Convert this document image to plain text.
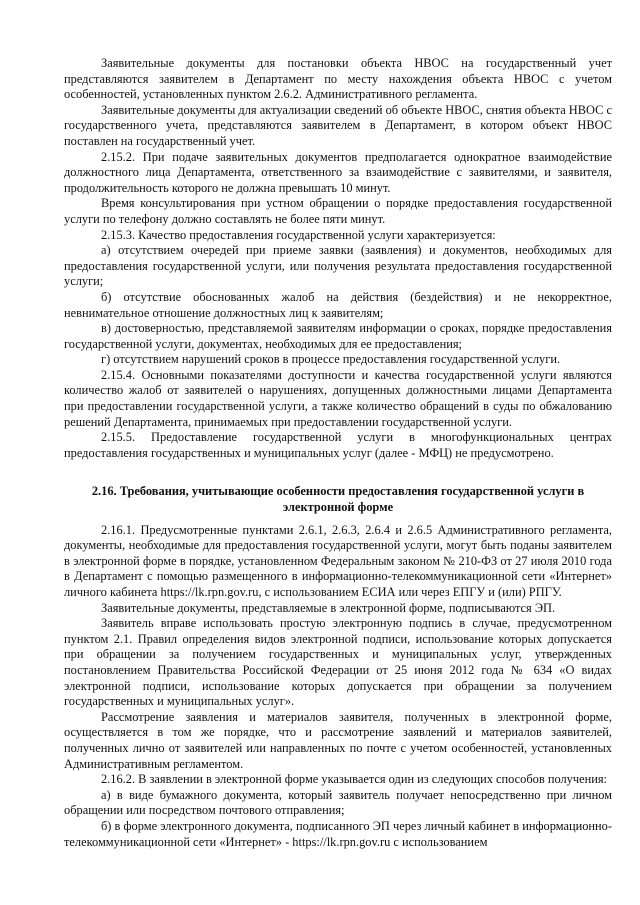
Заявительные документы для постановки объекта НВОС на государственный учет представляются заявителем в Департамент по месту нахождения объекта НВОС с учетом особенностей, установленных пунктом 2.6.2. Административного регламента.

Заявительные документы для актуализации сведений об объекте НВОС, снятия объекта НВОС с государственного учета, представляются заявителем в Департамент, в котором объект НВОС поставлен на государственный учет.

2.15.2. При подаче заявительных документов предполагается однократное взаимодействие должностного лица Департамента, ответственного за взаимодействие с заявителями, и заявителя, продолжительность которого не должна превышать 10 минут.

Время консультирования при устном обращении о порядке предоставления государственной услуги по телефону должно составлять не более пяти минут.

2.15.3. Качество предоставления государственной услуги характеризуется:

а) отсутствием очередей при приеме заявки (заявления) и документов, необходимых для предоставления государственной услуги, или получения результата предоставления государственной услуги;

б) отсутствие обоснованных жалоб на действия (бездействия) и не некорректное, невнимательное отношение должностных лиц к заявителям;

в) достоверностью, представляемой заявителям информации о сроках, порядке предоставления государственной услуги, документах, необходимых для ее предоставления;

г) отсутствием нарушений сроков в процессе предоставления государственной услуги.

2.15.4. Основными показателями доступности и качества государственной услуги являются количество жалоб от заявителей о нарушениях, допущенных должностными лицами Департамента при предоставлении государственной услуги, а также количество обращений в суды по обжалованию решений Департамента, принимаемых при предоставлении государственной услуги.

2.15.5. Предоставление государственной услуги в многофункциональных центрах предоставления государственных и муниципальных услуг (далее - МФЦ) не предусмотрено.

2.16. Требования, учитывающие особенности предоставления государственной услуги в электронной форме

2.16.1. Предусмотренные пунктами 2.6.1, 2.6.3, 2.6.4 и 2.6.5 Административного регламента, документы, необходимые для предоставления государственной услуги, могут быть поданы заявителем в электронной форме в порядке, установленном Федеральным законом № 210-ФЗ от 27 июля 2010 года в Департамент с помощью размещенного в информационно-телекоммуникационной сети «Интернет» личного кабинета https://lk.rpn.gov.ru, с использованием ЕСИА или через ЕПГУ и (или) РПГУ.

Заявительные документы, представляемые в электронной форме, подписываются ЭП.

Заявитель вправе использовать простую электронную подпись в случае, предусмотренном пунктом 2.1. Правил определения видов электронной подписи, использование которых допускается при обращении за получением государственных и муниципальных услуг, утвержденных постановлением Правительства Российской Федерации от 25 июня 2012 года № 634 «О видах электронной подписи, использование которых допускается при обращении за получением государственных и муниципальных услуг».

Рассмотрение заявления и материалов заявителя, полученных в электронной форме, осуществляется в том же порядке, что и рассмотрение заявлений и материалов заявителей, полученных лично от заявителей или направленных по почте с учетом особенностей, установленных Административным регламентом.

2.16.2. В заявлении в электронной форме указывается один из следующих способов получения:

а) в виде бумажного документа, который заявитель получает непосредственно при личном обращении или посредством почтового отправления;

б) в форме электронного документа, подписанного ЭП через личный кабинет в информационно-телекоммуникационной сети «Интернет» - https://lk.rpn.gov.ru с использованием
